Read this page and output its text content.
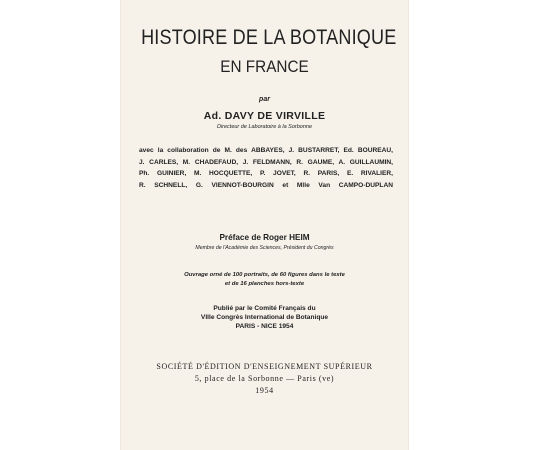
HISTOIRE DE LA BOTANIQUE
EN FRANCE
par
Ad. DAVY DE VIRVILLE
Directeur de Laboratoire à la Sorbonne
avec la collaboration de M. des ABBAYES, J. BUSTARRET, Ed. BOUREAU,
J. CARLES, M. CHADEFAUD, J. FELDMANN, R. GAUME, A. GUILLAUMIN,
Ph. GUINIER, M. HOCQUETTE, P. JOVET, R. PARIS, E. RIVALIER,
R. SCHNELL, G. VIENNOT-BOURGIN et Mlle Van CAMPO-DUPLAN
Préface de Roger HEIM
Membre de l'Académie des Sciences, Président du Congrès
Ouvrage orné de 100 portraits, de 60 figures dans le texte
et de 16 planches hors-texte
Publié par le Comité Français du
VIIIe Congrès International de Botanique
PARIS - NICE 1954
SOCIÉTÉ D'ÉDITION D'ENSEIGNEMENT SUPÉRIEUR
5, place de la Sorbonne — Paris (ve)
1954
